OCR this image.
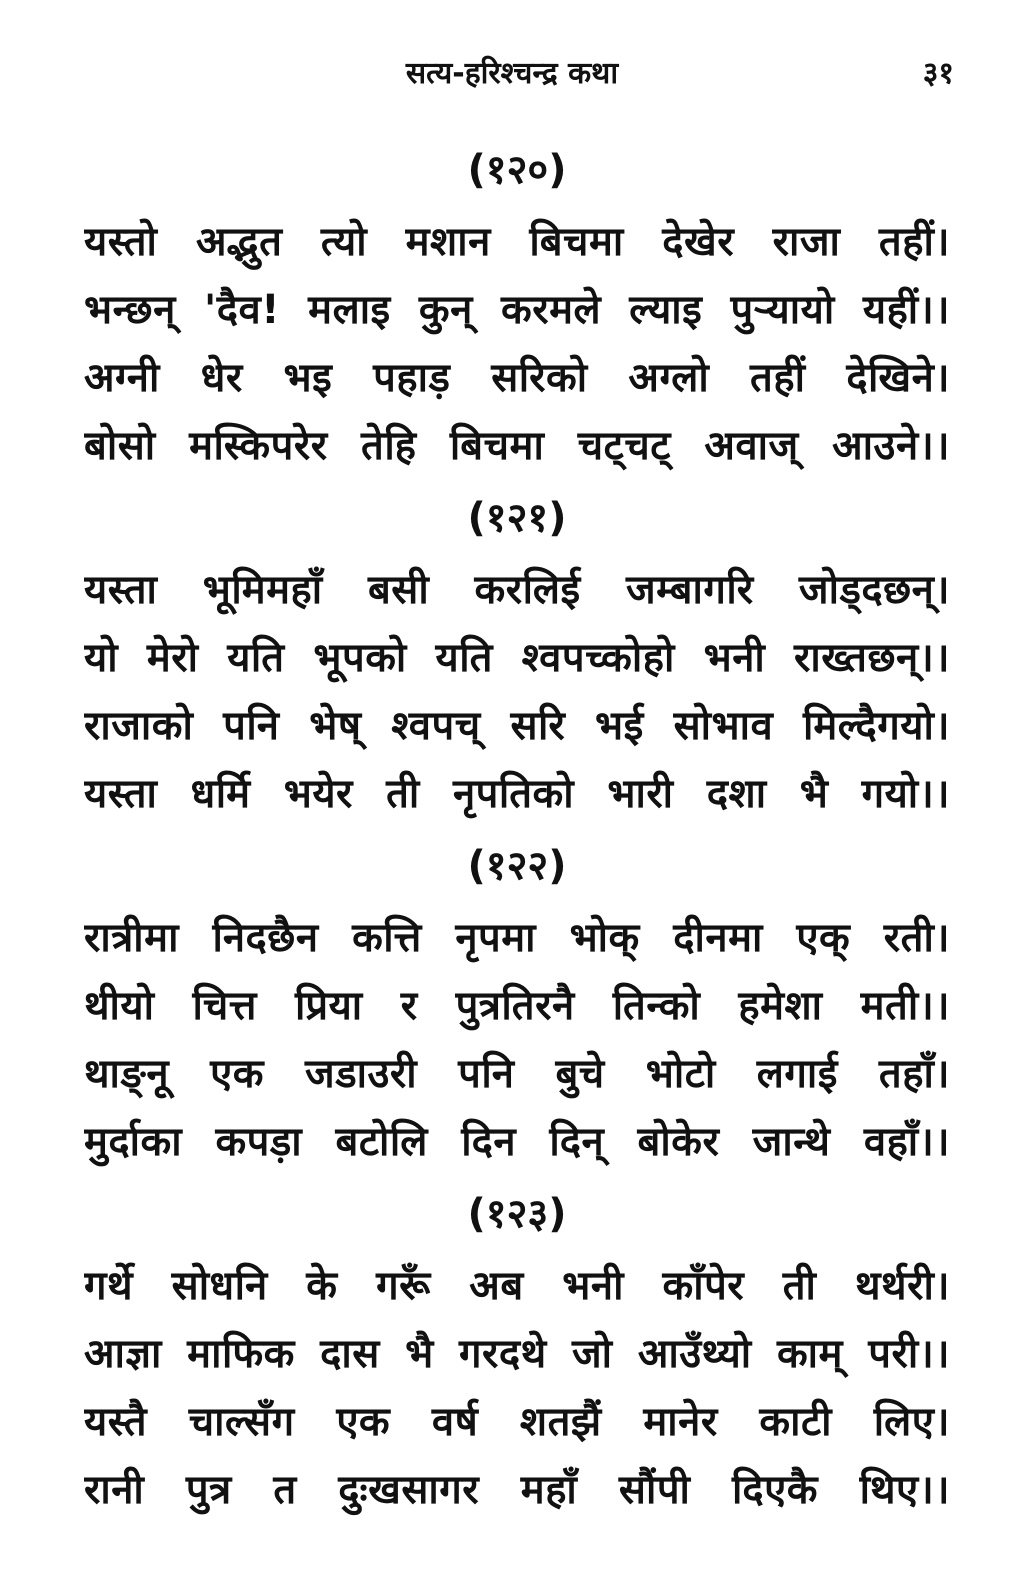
सत्य-हरिश्चन्द्र कथा	३१
(१२०)
यस्तो अद्भुत त्यो मशान बिचमा देखेर राजा तहीं।
भन्छन् 'दैव! मलाइ कुन् करमले ल्याइ पुऱ्यायो यहीं।।
अग्नी धेर भइ पहाड़ सरिको अग्लो तहीं देखिने।
बोसो मस्किपरेर तेहि बिचमा चट्चट् अवाज् आउने।।
(१२१)
यस्ता भूमिमहाँ बसी करलिई जम्बागरि जोड्दछन्।
यो मेरो यति भूपको यति श्वपच्कोहो भनी राख्तछन्।।
राजाको पनि भेष् श्वपच् सरि भई सोभाव मिल्दैगयो।
यस्ता धर्मि भयेर ती नृपतिको भारी दशा भै गयो।।
(१२२)
रात्रीमा निदछैन कत्ति नृपमा भोक् दीनमा एक् रती।
थीयो चित्त प्रिया र पुत्रतिरनै तिन्को हमेशा मती।।
थाङ्नू एक जडाउरी पनि बुचे भोटो लगाई तहाँ।
मुर्दाका कपड़ा बटोलि दिन दिन् बोकेर जान्थे वहाँ।।
(१२३)
गर्थे सोधनि के गरूँ अब भनी काँपेर ती थर्थरी।
आज्ञा माफिक दास भै गरदथे जो आउँथ्यो काम् परी।।
यस्तै चाल्सँग एक वर्ष शतझैं मानेर काटी लिए।
रानी पुत्र त दुःखसागर महाँ सौंपी दिएकै थिए।।
